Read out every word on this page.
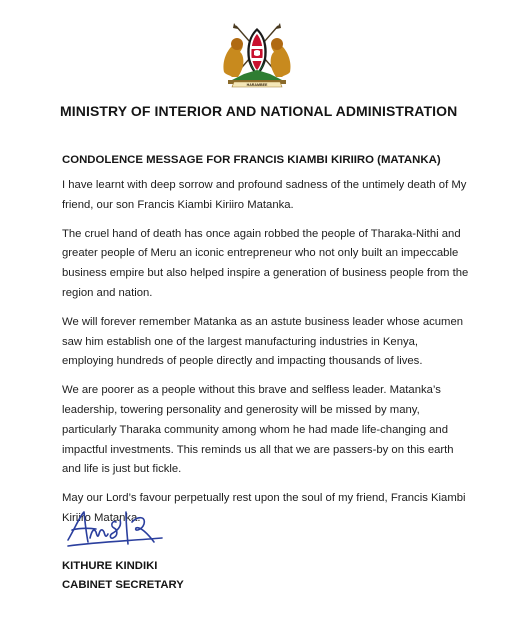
HARAMBEE
MINISTRY OF INTERIOR AND NATIONAL ADMINISTRATION
CONDOLENCE MESSAGE FOR FRANCIS KIAMBI KIRIIRO (MATANKA)

I have learnt with deep sorrow and profound sadness of the untimely death of My friend, our son Francis Kiambi Kiriiro Matanka.

The cruel hand of death has once again robbed the people of Tharaka-Nithi and greater people of Meru an iconic entrepreneur who not only built an impeccable business empire but also helped inspire a generation of business people from the region and nation.

We will forever remember Matanka as an astute business leader whose acumen saw him establish one of the largest manufacturing industries in Kenya, employing hundreds of people directly and impacting thousands of lives.

We are poorer as a people without this brave and selfless leader. Matanka’s leadership, towering personality and generosity will be missed by many, particularly Tharaka community among whom he had made life-changing and impactful investments. This reminds us all that we are passers-by on this earth and life is just but fickle.

May our Lord’s favour perpetually rest upon the soul of my friend, Francis Kiambi Kiriiro Matanka.

KITHURE KINDIKI
CABINET SECRETARY
